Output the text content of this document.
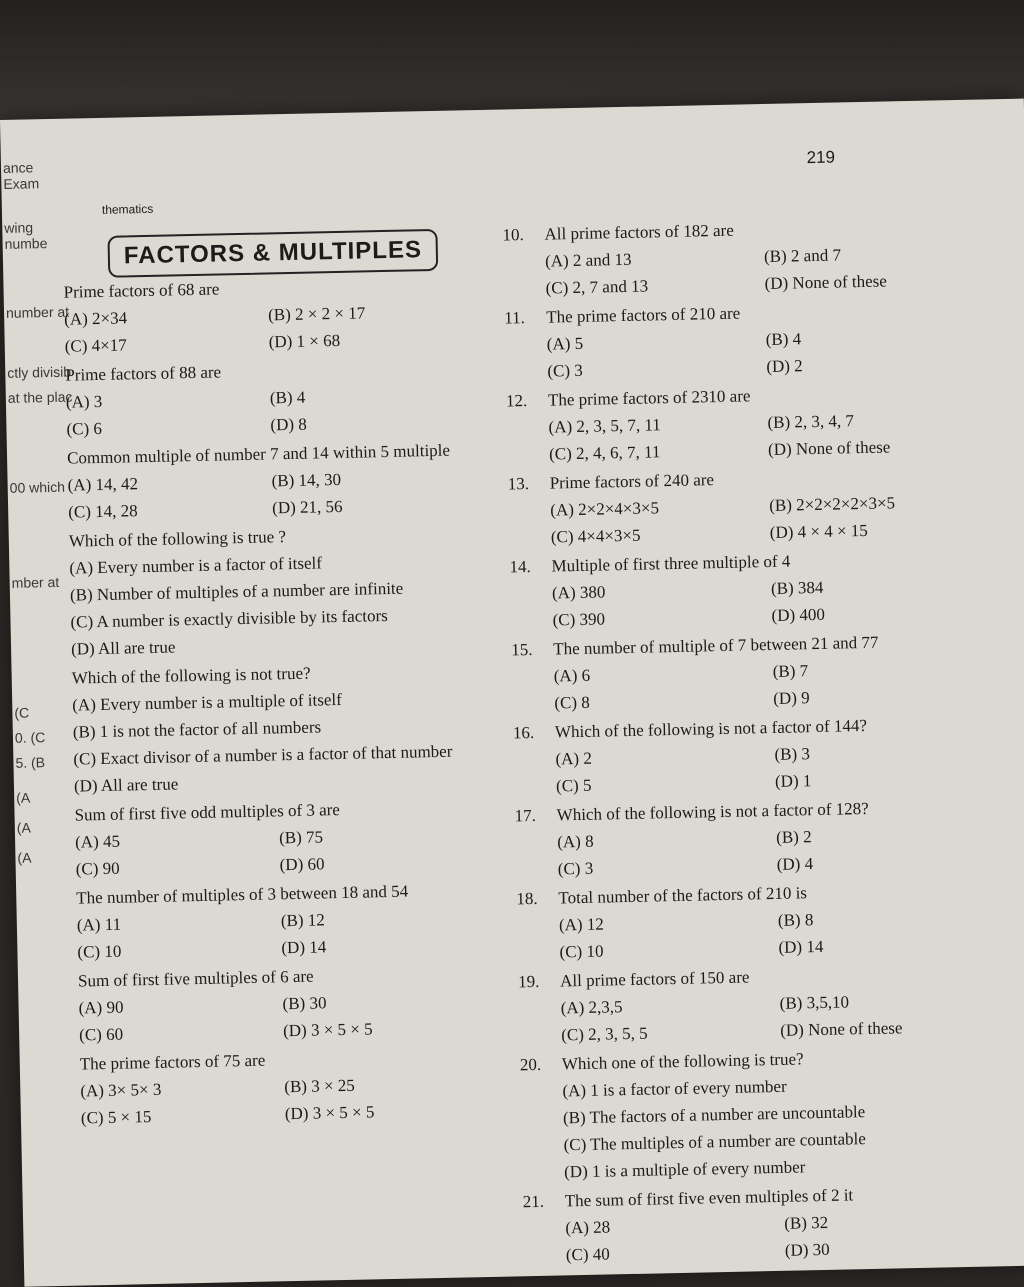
ance Exam
wing numbe
number at
ctly divisib
at the plac
00 which
mber at
(C
0. (C
5. (B
(A
(A
(A
thematics
219
FACTORS & MULTIPLES
Prime factors of 68 are
(A) 2×34	(B) 2 × 2 × 17
(C) 4×17	(D) 1 × 68
Prime factors of 88 are
(A) 3	(B) 4
(C) 6	(D) 8
Common multiple of number 7 and 14 within 5 multiple
(A) 14, 42	(B) 14, 30
(C) 14, 28	(D) 21, 56
Which of the following is true ?
(A) Every number is a factor of itself
(B) Number of multiples of a number are infinite
(C) A number is exactly divisible by its factors
(D) All are true
Which of the following is not true?
(A) Every number is a multiple of itself
(B) 1 is not the factor of all numbers
(C) Exact divisor of a number is a factor of that number
(D) All are true
Sum of first five odd multiples of 3 are
(A) 45	(B) 75
(C) 90	(D) 60
The number of multiples of 3 between 18 and 54
(A) 11	(B) 12
(C) 10	(D) 14
Sum of first five multiples of 6 are
(A) 90	(B) 30
(C) 60	(D) 3 × 5 × 5
The prime factors of 75 are
(A) 3× 5× 3	(B) 3 × 25
(C) 5 × 15	(D) 3 × 5 × 5
10.	All prime factors of 182 are
(A) 2 and 13	(B) 2 and 7
(C) 2, 7 and 13	(D) None of these
11.	The prime factors of 210 are
(A) 5	(B) 4
(C) 3	(D) 2
12.	The prime factors of 2310 are
(A) 2, 3, 5, 7, 11	(B) 2, 3, 4, 7
(C) 2, 4, 6, 7, 11	(D) None of these
13.	Prime factors of 240 are
(A) 2×2×4×3×5	(B) 2×2×2×2×3×5
(C) 4×4×3×5	(D) 4 × 4 × 15
14.	Multiple of first three multiple of 4
(A) 380	(B) 384
(C) 390	(D) 400
15.	The number of multiple of 7 between 21 and 77
(A) 6	(B) 7
(C) 8	(D) 9
16.	Which of the following is not a factor of 144?
(A) 2	(B) 3
(C) 5	(D) 1
17.	Which of the following is not a factor of 128?
(A) 8	(B) 2
(C) 3	(D) 4
18.	Total number of the factors of 210 is
(A) 12	(B) 8
(C) 10	(D) 14
19.	All prime factors of 150 are
(A) 2,3,5	(B) 3,5,10
(C) 2, 3, 5, 5	(D) None of these
20.	Which one of the following is true?
(A) 1 is a factor of every number
(B) The factors of a number are uncountable
(C) The multiples of a number are countable
(D) 1 is a multiple of every number
21.	The sum of first five even multiples of 2 it
(A) 28	(B) 32
(C) 40	(D) 30
